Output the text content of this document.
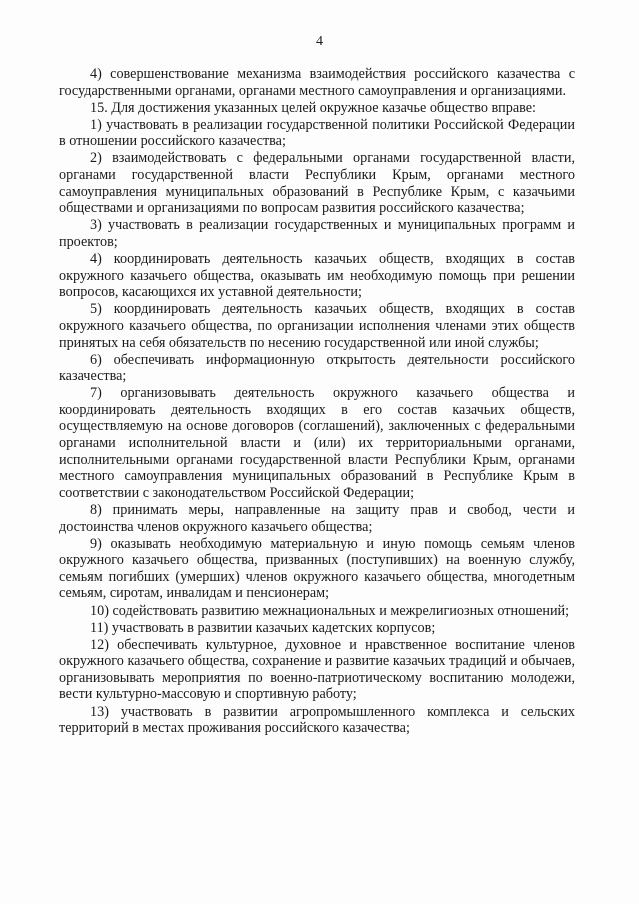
4

4) совершенствование механизма взаимодействия российского казачества с государственными органами, органами местного самоуправления и организациями.

15. Для достижения указанных целей окружное казачье общество вправе:

1) участвовать в реализации государственной политики Российской Федерации в отношении российского казачества;

2) взаимодействовать с федеральными органами государственной власти, органами государственной власти Республики Крым, органами местного самоуправления муниципальных образований в Республике Крым, с казачьими обществами и организациями по вопросам развития российского казачества;

3) участвовать в реализации государственных и муниципальных программ и проектов;

4) координировать деятельность казачьих обществ, входящих в состав окружного казачьего общества, оказывать им необходимую помощь при решении вопросов, касающихся их уставной деятельности;

5) координировать деятельность казачьих обществ, входящих в состав окружного казачьего общества, по организации исполнения членами этих обществ принятых на себя обязательств по несению государственной или иной службы;

6) обеспечивать информационную открытость деятельности российского казачества;

7) организовывать деятельность окружного казачьего общества и координировать деятельность входящих в его состав казачьих обществ, осуществляемую на основе договоров (соглашений), заключенных с федеральными органами исполнительной власти и (или) их территориальными органами, исполнительными органами государственной власти Республики Крым, органами местного самоуправления муниципальных образований в Республике Крым в соответствии с законодательством Российской Федерации;

8) принимать меры, направленные на защиту прав и свобод, чести и достоинства членов окружного казачьего общества;

9) оказывать необходимую материальную и иную помощь семьям членов окружного казачьего общества, призванных (поступивших) на военную службу, семьям погибших (умерших) членов окружного казачьего общества, многодетным семьям, сиротам, инвалидам и пенсионерам;

10) содействовать развитию межнациональных и межрелигиозных отношений;

11) участвовать в развитии казачьих кадетских корпусов;

12) обеспечивать культурное, духовное и нравственное воспитание членов окружного казачьего общества, сохранение и развитие казачьих традиций и обычаев, организовывать мероприятия по военно-патриотическому воспитанию молодежи, вести культурно-массовую и спортивную работу;

13) участвовать в развитии агропромышленного комплекса и сельских территорий в местах проживания российского казачества;
